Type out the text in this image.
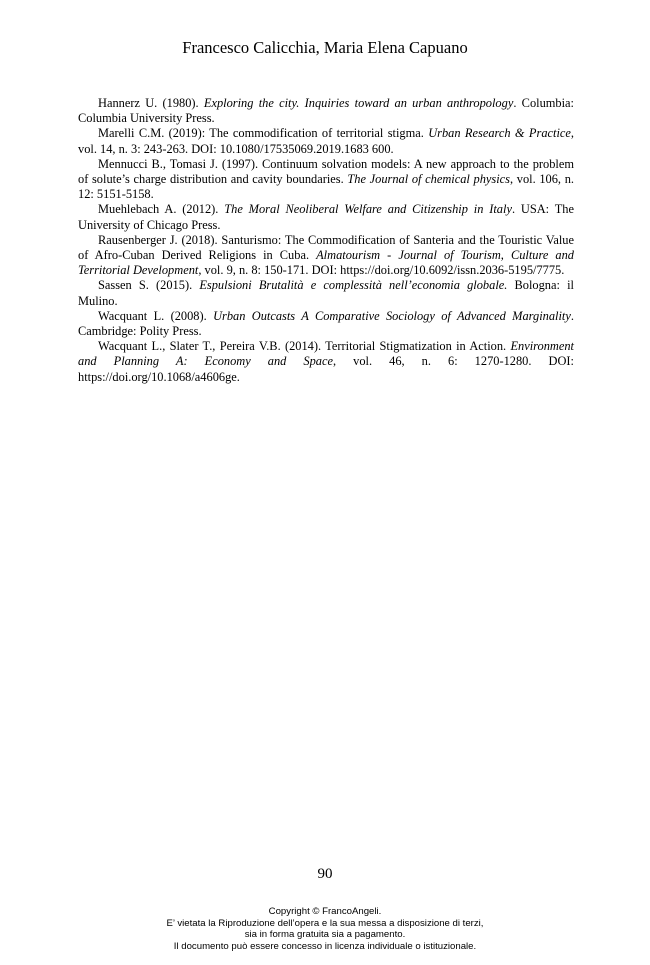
Francesco Calicchia, Maria Elena Capuano

Hannerz U. (1980). Exploring the city. Inquiries toward an urban anthropology. Columbia: Columbia University Press.

Marelli C.M. (2019): The commodification of territorial stigma. Urban Research & Practice, vol. 14, n. 3: 243-263. DOI: 10.1080/17535069.2019.1683 600.

Mennucci B., Tomasi J. (1997). Continuum solvation models: A new approach to the problem of solute’s charge distribution and cavity boundaries. The Journal of chemical physics, vol. 106, n. 12: 5151-5158.

Muehlebach A. (2012). The Moral Neoliberal Welfare and Citizenship in Italy. USA: The University of Chicago Press.

Rausenberger J. (2018). Santurismo: The Commodification of Santeria and the Touristic Value of Afro-Cuban Derived Religions in Cuba. Almatourism - Journal of Tourism, Culture and Territorial Development, vol. 9, n. 8: 150-171. DOI: https://doi.org/10.6092/issn.2036-5195/7775.

Sassen S. (2015). Espulsioni Brutalità e complessità nell’economia globale. Bologna: il Mulino.

Wacquant L. (2008). Urban Outcasts A Comparative Sociology of Advanced Marginality. Cambridge: Polity Press.

Wacquant L., Slater T., Pereira V.B. (2014). Territorial Stigmatization in Action. Environment and Planning A: Economy and Space, vol. 46, n. 6: 1270-1280. DOI: https://doi.org/10.1068/a4606ge.

90
Copyright © FrancoAngeli.
E’ vietata la Riproduzione dell’opera e la sua messa a disposizione di terzi,
sia in forma gratuita sia a pagamento.
Il documento può essere concesso in licenza individuale o istituzionale.
